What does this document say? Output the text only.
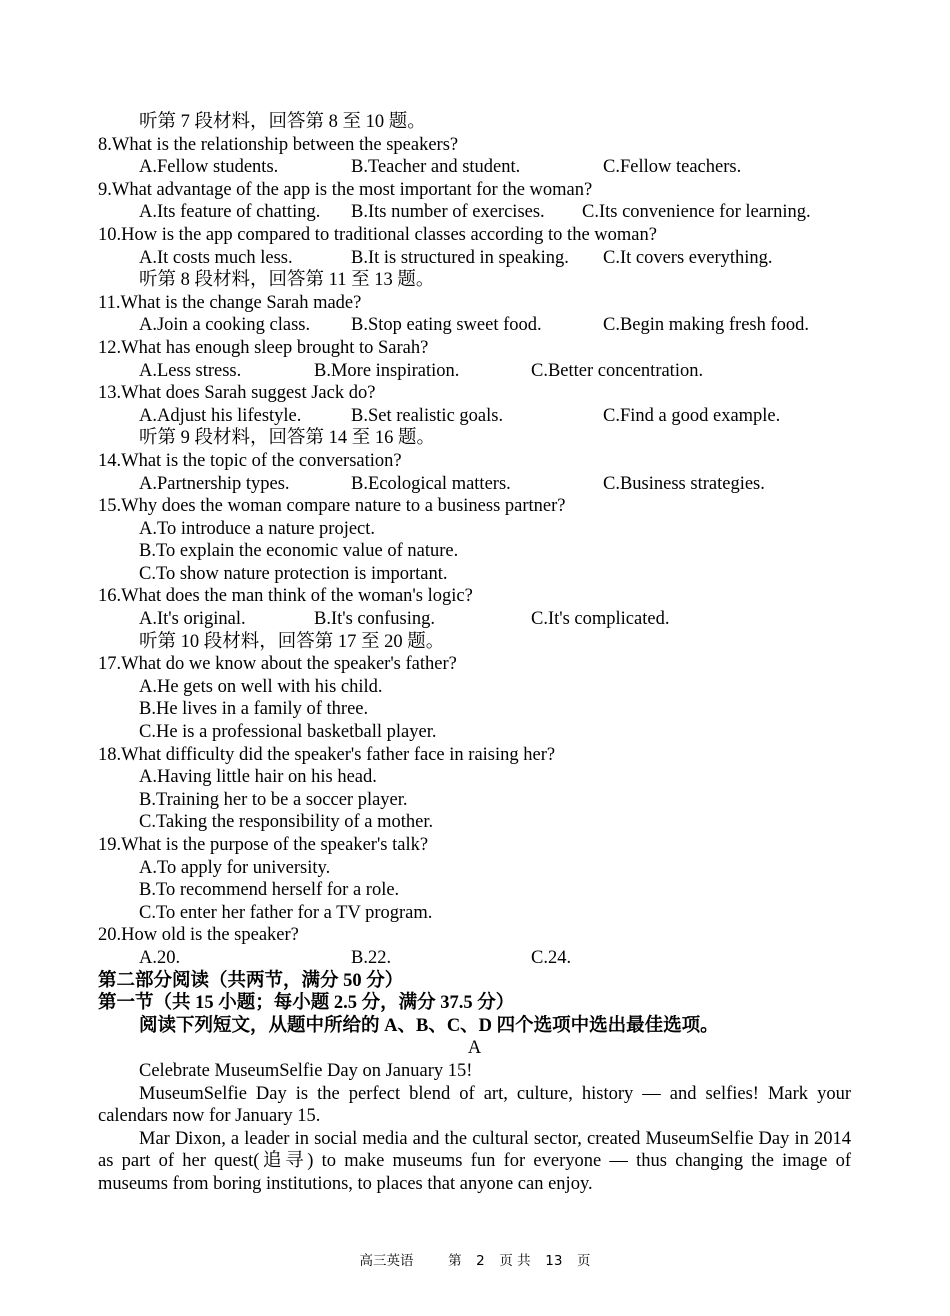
听第 7 段材料，回答第 8 至 10 题。
8.What is the relationship between the speakers?
A.Fellow students.	B.Teacher and student.	C.Fellow teachers.
9.What advantage of the app is the most important for the woman?
A.Its feature of chatting. B.Its number of exercises. C.Its convenience for learning.
10.How is the app compared to traditional classes according to the woman?
A.It costs much less.	B.It is structured in speaking. C.It covers everything.
听第 8 段材料，回答第 11 至 13 题。
11.What is the change Sarah made?
A.Join a cooking class. B.Stop eating sweet food.	C.Begin making fresh food.
12.What has enough sleep brought to Sarah?
A.Less stress.	B.More inspiration.	C.Better concentration.
13.What does Sarah suggest Jack do?
A.Adjust his lifestyle.	B.Set realistic goals.	C.Find a good example.
听第 9 段材料，回答第 14 至 16 题。
14.What is the topic of the conversation?
A.Partnership types.	B.Ecological matters.	C.Business strategies.
15.Why does the woman compare nature to a business partner?
A.To introduce a nature project.
B.To explain the economic value of nature.
C.To show nature protection is important.
16.What does the man think of the woman's logic?
A.It's original.	B.It's confusing.	C.It's complicated.
听第 10 段材料，回答第 17 至 20 题。
17.What do we know about the speaker's father?
A.He gets on well with his child.
B.He lives in a family of three.
C.He is a professional basketball player.
18.What difficulty did the speaker's father face in raising her?
A.Having little hair on his head.
B.Training her to be a soccer player.
C.Taking the responsibility of a mother.
19.What is the purpose of the speaker's talk?
A.To apply for university.
B.To recommend herself for a role.
C.To enter her father for a TV program.
20.How old is the speaker?
A.20.	B.22.	C.24.
第二部分阅读（共两节，满分 50 分）
第一节（共 15 小题；每小题 2.5 分，满分 37.5 分）
阅读下列短文，从题中所给的 A、B、C、D 四个选项中选出最佳选项。
A
Celebrate MuseumSelfie Day on January 15!
MuseumSelfie Day is the perfect blend of art, culture, history — and selfies! Mark your calendars now for January 15.
Mar Dixon, a leader in social media and the cultural sector, created MuseumSelfie Day in 2014 as part of her quest(追寻) to make museums fun for everyone — thus changing the image of museums from boring institutions, to places that anyone can enjoy.
高三英语	第 2 页 共 13 页
